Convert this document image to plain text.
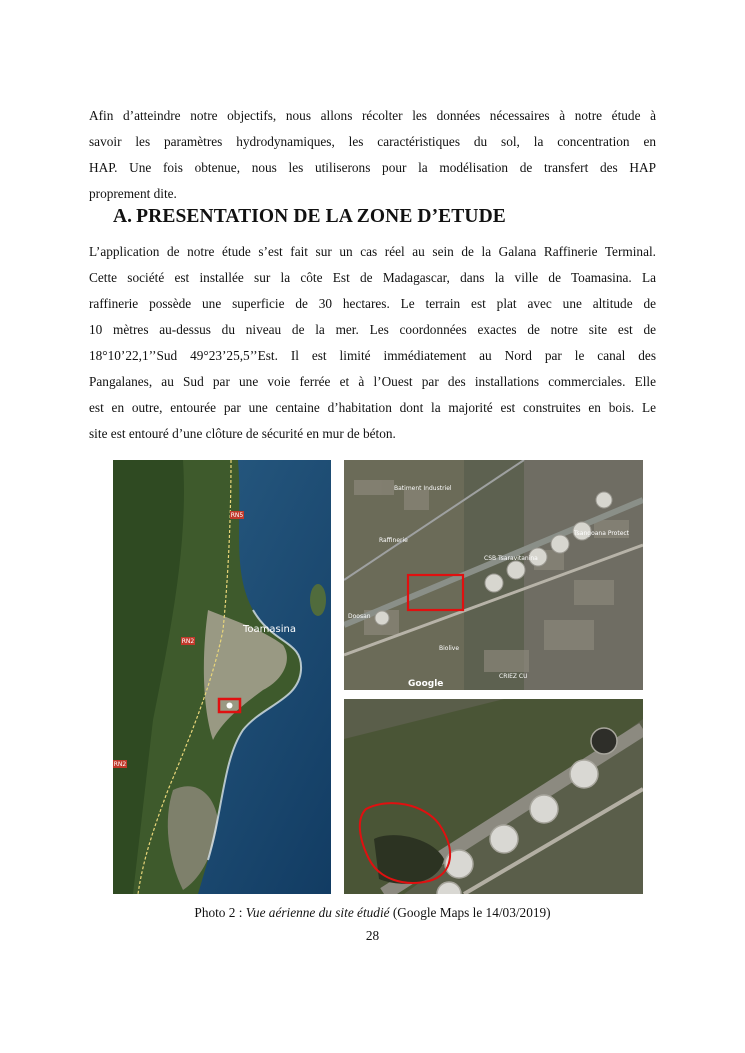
Afin d’atteindre notre objectifs, nous allons récolter les données nécessaires à notre étude à
savoir les paramètres hydrodynamiques, les caractéristiques du sol, la concentration en
HAP. Une fois obtenue, nous les utiliserons pour la modélisation de transfert des HAP
proprement dite.
A. PRESENTATION DE LA ZONE D’ETUDE
L’application de notre étude s’est fait sur un cas réel au sein de la Galana Raffinerie Terminal.
Cette société est installée sur la côte Est de Madagascar, dans la ville de Toamasina. La
raffinerie possède une superficie de 30 hectares. Le terrain est plat avec une altitude de
10 mètres au-dessus du niveau de la mer. Les coordonnées exactes de notre site est de
18°10’22,1’’Sud 49°23’25,5’’Est. Il est limité immédiatement au Nord par le canal des
Pangalanes, au Sud par une voie ferrée et à l’Ouest par des installations commerciales. Elle
est en outre, entourée par une centaine d’habitation dont la majorité est construites en bois. Le
site est entouré d’une clôture de sécurité en mur de béton.
RN5
RN2
RN2
Toamasina
Batiment Industriel
Raffinerie
Tsangoana Protect
CSB Tsaravitanina
Doosan
Biolive
CRIEZ CU
Google
Photo 2 : Vue aérienne du site étudié (Google Maps le 14/03/2019)
28
